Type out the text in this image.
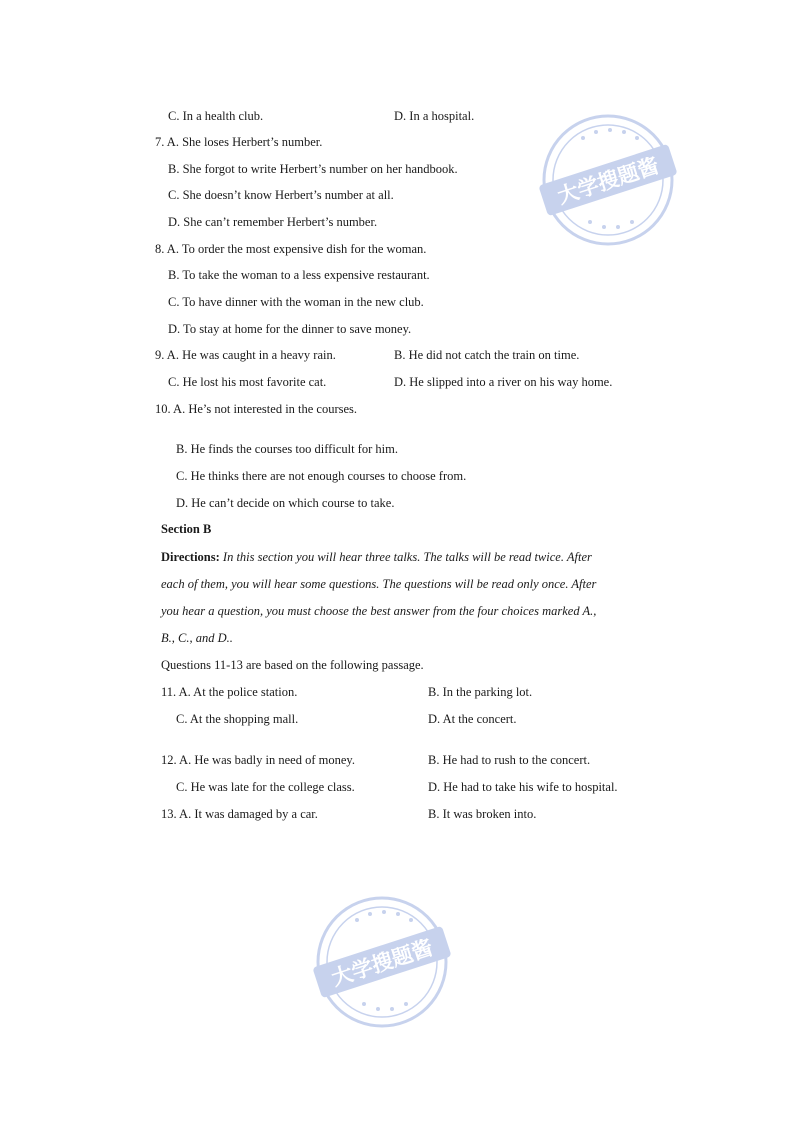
大学搜题酱
大学搜题酱
C. In a health club.	D. In a hospital.
7. A. She loses Herbert’s number.
B. She forgot to write Herbert’s number on her handbook.
C. She doesn’t know Herbert’s number at all.
D. She can’t remember Herbert’s number.
8. A. To order the most expensive dish for the woman.
B. To take the woman to a less expensive restaurant.
C. To have dinner with the woman in the new club.
D. To stay at home for the dinner to save money.
9. A. He was caught in a heavy rain.	B. He did not catch the train on time.
C. He lost his most favorite cat.	D. He slipped into a river on his way home.
10. A. He’s not interested in the courses.
B. He finds the courses too difficult for him.
C. He thinks there are not enough courses to choose from.
D. He can’t decide on which course to take.
Section B
Directions: In this section you will hear three talks. The talks will be read twice. After
each of them, you will hear some questions. The questions will be read only once. After
you hear a question, you must choose the best answer from the four choices marked A.,
B., C., and D..
Questions 11-13 are based on the following passage.
11. A. At the police station.	B. In the parking lot.
C. At the shopping mall.	D. At the concert.
12. A. He was badly in need of money.	B. He had to rush to the concert.
C. He was late for the college class.	D. He had to take his wife to hospital.
13. A. It was damaged by a car.	B. It was broken into.
